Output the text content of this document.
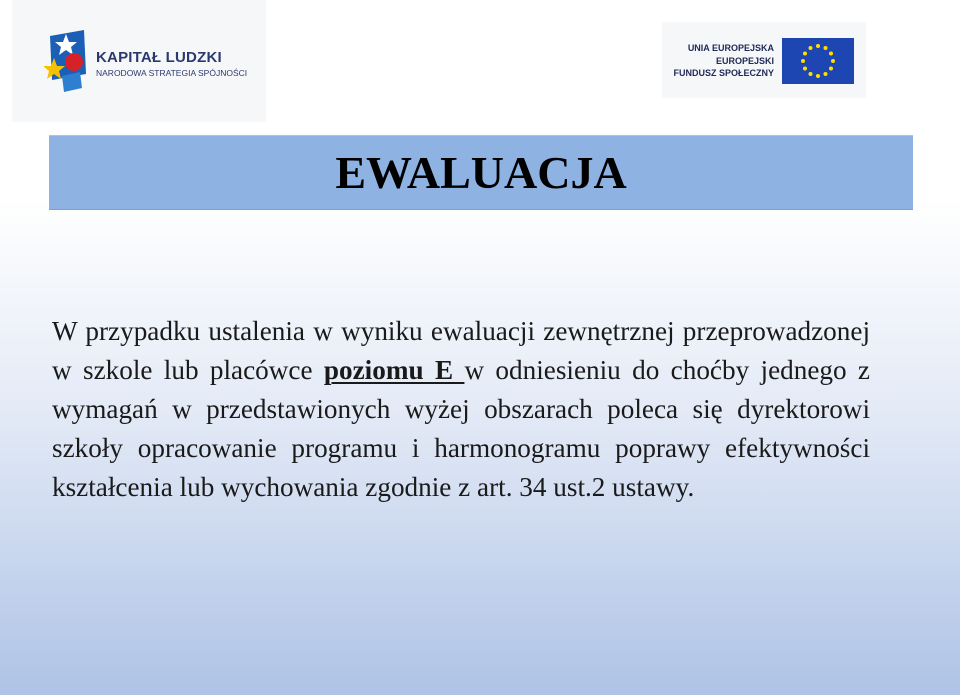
KAPITAŁ LUDZKI
NARODOWA STRATEGIA SPÓJNOŚCI
UNIA EUROPEJSKA
EUROPEJSKI
FUNDUSZ SPOŁECZNY
EWALUACJA

W przypadku ustalenia w wyniku ewaluacji zewnętrznej przeprowadzonej w szkole lub placówce poziomu E w odniesieniu do choćby jednego z wymagań w przedstawionych wyżej obszarach poleca się dyrektorowi szkoły opracowanie programu i harmonogramu poprawy efektywności kształcenia lub wychowania zgodnie z art. 34 ust.2 ustawy.
